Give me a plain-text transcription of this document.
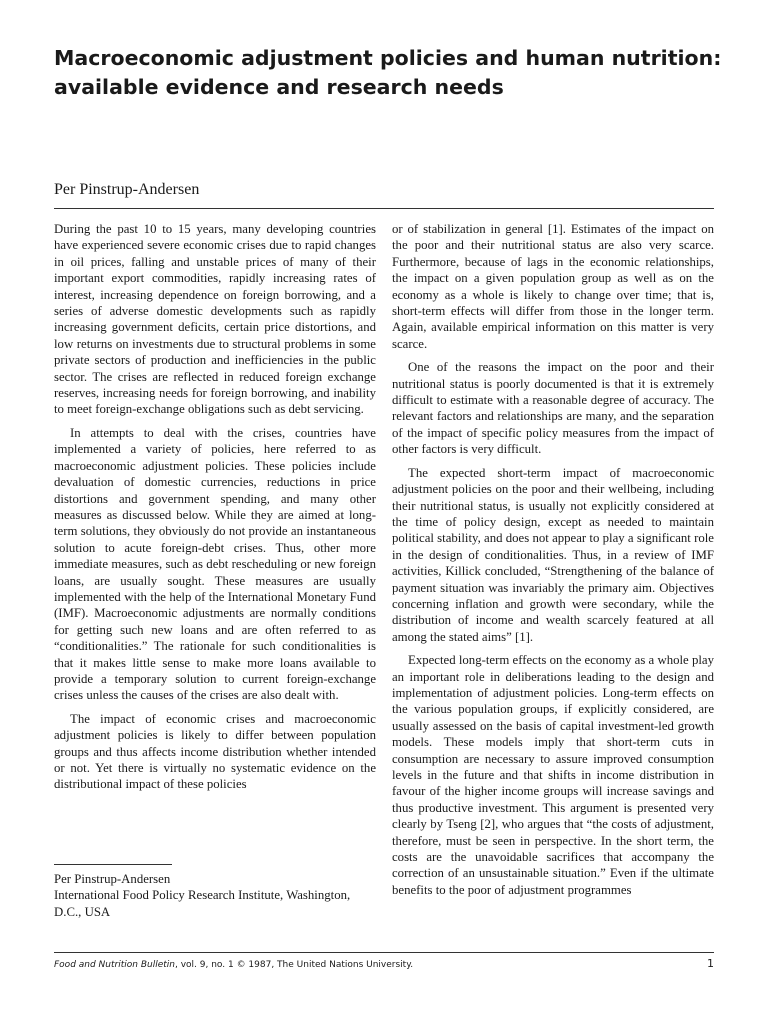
Macroeconomic adjustment policies and human nutrition:
available evidence and research needs
Per Pinstrup-Andersen

During the past 10 to 15 years, many developing countries have experienced severe economic crises due to rapid changes in oil prices, falling and unstable prices of many of their important export commodities, rapidly increasing rates of interest, increasing dependence on foreign borrowing, and a series of adverse domestic developments such as rapidly increasing government deficits, certain price distortions, and low returns on investments due to structural problems in some private sectors of production and inefficiencies in the public sector. The crises are reflected in reduced foreign exchange reserves, increasing needs for foreign borrowing, and inability to meet foreign-exchange obligations such as debt servicing.

In attempts to deal with the crises, countries have implemented a variety of policies, here referred to as macroeconomic adjustment policies. These policies include devaluation of domestic currencies, reductions in price distortions and government spending, and many other measures as discussed below. While they are aimed at long-term solutions, they obviously do not provide an instantaneous solution to acute foreign-debt crises. Thus, other more immediate measures, such as debt rescheduling or new foreign loans, are usually sought. These measures are usually implemented with the help of the International Monetary Fund (IMF). Macroeconomic adjustments are normally conditions for getting such new loans and are often referred to as “conditionalities.” The rationale for such conditionalities is that it makes little sense to make more loans available to provide a temporary solution to current foreign-exchange crises unless the causes of the crises are also dealt with.

The impact of economic crises and macroeconomic adjustment policies is likely to differ between population groups and thus affects income distribution whether intended or not. Yet there is virtually no systematic evidence on the distributional impact of these policies

or of stabilization in general [1]. Estimates of the impact on the poor and their nutritional status are also very scarce. Furthermore, because of lags in the economic relationships, the impact on a given population group as well as on the economy as a whole is likely to change over time; that is, short-term effects will differ from those in the longer term. Again, available empirical information on this matter is very scarce.

One of the reasons the impact on the poor and their nutritional status is poorly documented is that it is extremely difficult to estimate with a reasonable degree of accuracy. The relevant factors and relationships are many, and the separation of the impact of specific policy measures from the impact of other factors is very difficult.

The expected short-term impact of macroeconomic adjustment policies on the poor and their wellbeing, including their nutritional status, is usually not explicitly considered at the time of policy design, except as needed to maintain political stability, and does not appear to play a significant role in the design of conditionalities. Thus, in a review of IMF activities, Killick concluded, “Strengthening of the balance of payment situation was invariably the primary aim. Objectives concerning inflation and growth were secondary, while the distribution of income and wealth scarcely featured at all among the stated aims” [1].

Expected long-term effects on the economy as a whole play an important role in deliberations leading to the design and implementation of adjustment policies. Long-term effects on the various population groups, if explicitly considered, are usually assessed on the basis of capital investment-led growth models. These models imply that short-term cuts in consumption are necessary to assure improved consumption levels in the future and that shifts in income distribution in favour of the higher income groups will increase savings and thus productive investment. This argument is presented very clearly by Tseng [2], who argues that “the costs of adjustment, therefore, must be seen in perspective. In the short term, the costs are the unavoidable sacrifices that accompany the correction of an unsustainable situation.” Even if the ultimate benefits to the poor of adjustment programmes

Per Pinstrup-Andersen
International Food Policy Research Institute, Washington,
D.C., USA
Food and Nutrition Bulletin, vol. 9, no. 1 © 1987, The United Nations University.	1
